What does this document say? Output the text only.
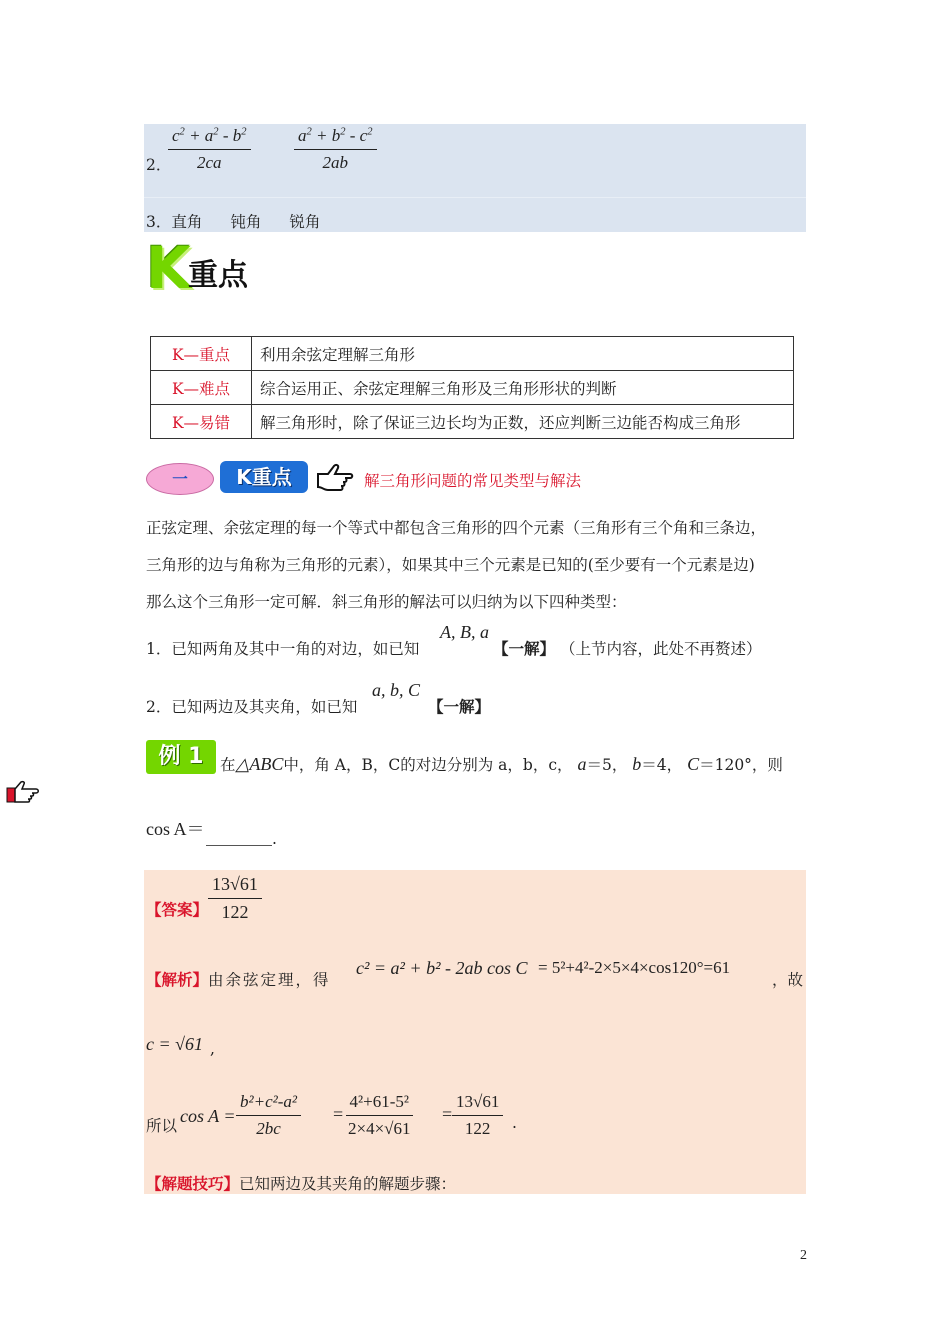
2．
$\frac{c^2 + a^2 - b^2}{2ca}$	$\frac{a^2 + b^2 - c^2}{2ab}$
3．直角 钝角 锐角
K
重点
K—重点	利用余弦定理解三角形
K—难点	综合运用正、余弦定理解三角形及三角形形状的判断
K—易错	解三角形时，除了保证三边长均为正数，还应判断三边能否构成三角形
一	K重点	解三角形问题的常见类型与解法
正弦定理、余弦定理的每一个等式中都包含三角形的四个元素（三角形有三个角和三条边，
三角形的边与角称为三角形的元素），如果其中三个元素是已知的(至少要有一个元素是边)
那么这个三角形一定可解．斜三角形的解法可以归纳为以下四种类型：
1．已知两角及其中一角的对边，如已知
A, B, a
【一解】 （上节内容，此处不再赘述）
2．已知两边及其夹角，如已知
a, b, C
【一解】
例 1	在△ABC中，角 A，B，C的对边分别为 a，b，c， a＝5， b＝4， C＝120°，则
cos A＝	.
【答案】 $\frac{13√61}{122}$
【解析】由余弦定理，得
c² = a² + b² - 2ab cos C = 5²+4²-2×5×4×cos120°=61
，故
c = √61 ,
所以 $\cos A = \frac{\text{b²+c²-a²}}{2bc} = \frac{\text{4²+61-5²}}{2\times 4\times√61} = \frac{13√61}{122}$ .
【解题技巧】已知两边及其夹角的解题步骤：
2
